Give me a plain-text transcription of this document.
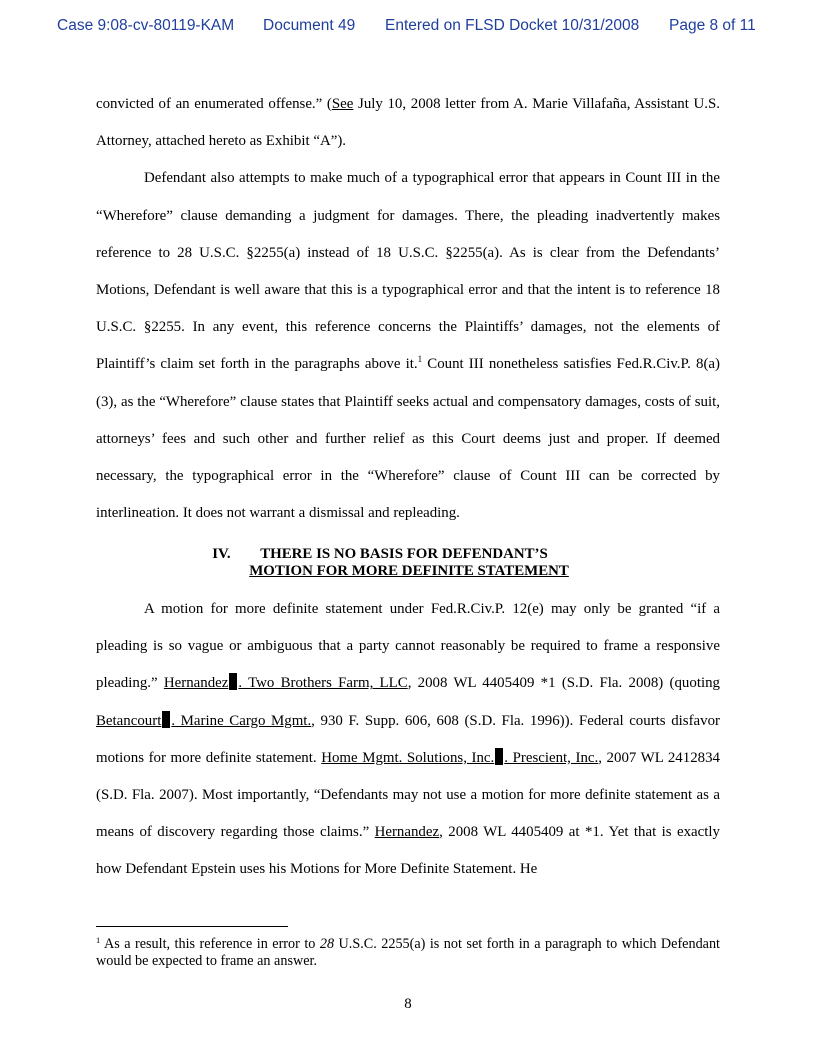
Case 9:08-cv-80119-KAM Document 49 Entered on FLSD Docket 10/31/2008 Page 8 of 11

convicted of an enumerated offense.” (See July 10, 2008 letter from A. Marie Villafaña, Assistant U.S. Attorney, attached hereto as Exhibit “A”).

Defendant also attempts to make much of a typographical error that appears in Count III in the “Wherefore” clause demanding a judgment for damages. There, the pleading inadvertently makes reference to 28 U.S.C. §2255(a) instead of 18 U.S.C. §2255(a). As is clear from the Defendants’ Motions, Defendant is well aware that this is a typographical error and that the intent is to reference 18 U.S.C. §2255. In any event, this reference concerns the Plaintiffs’ damages, not the elements of Plaintiff’s claim set forth in the paragraphs above it.$^1$ Count III nonetheless satisfies Fed.R.Civ.P. 8(a)(3), as the “Wherefore” clause states that Plaintiff seeks actual and compensatory damages, costs of suit, attorneys’ fees and such other and further relief as this Court deems just and proper. If deemed necessary, the typographical error in the “Wherefore” clause of Count III can be corrected by interlineation. It does not warrant a dismissal and repleading.

IV. THERE IS NO BASIS FOR DEFENDANT’S
MOTION FOR MORE DEFINITE STATEMENT

A motion for more definite statement under Fed.R.Civ.P. 12(e) may only be granted “if a pleading is so vague or ambiguous that a party cannot reasonably be required to frame a responsive pleading.” Hernandez . Two Brothers Farm, LLC, 2008 WL 4405409 *1 (S.D. Fla. 2008) (quoting Betancourt . Marine Cargo Mgmt., 930 F. Supp. 606, 608 (S.D. Fla. 1996)). Federal courts disfavor motions for more definite statement. Home Mgmt. Solutions, Inc. . Prescient, Inc., 2007 WL 2412834 (S.D. Fla. 2007). Most importantly, “Defendants may not use a motion for more definite statement as a means of discovery regarding those claims.” Hernandez, 2008 WL 4405409 at *1. Yet that is exactly how Defendant Epstein uses his Motions for More Definite Statement. He

$^1$ As a result, this reference in error to 28 U.S.C. 2255(a) is not set forth in a paragraph to which Defendant would be expected to frame an answer.
8
